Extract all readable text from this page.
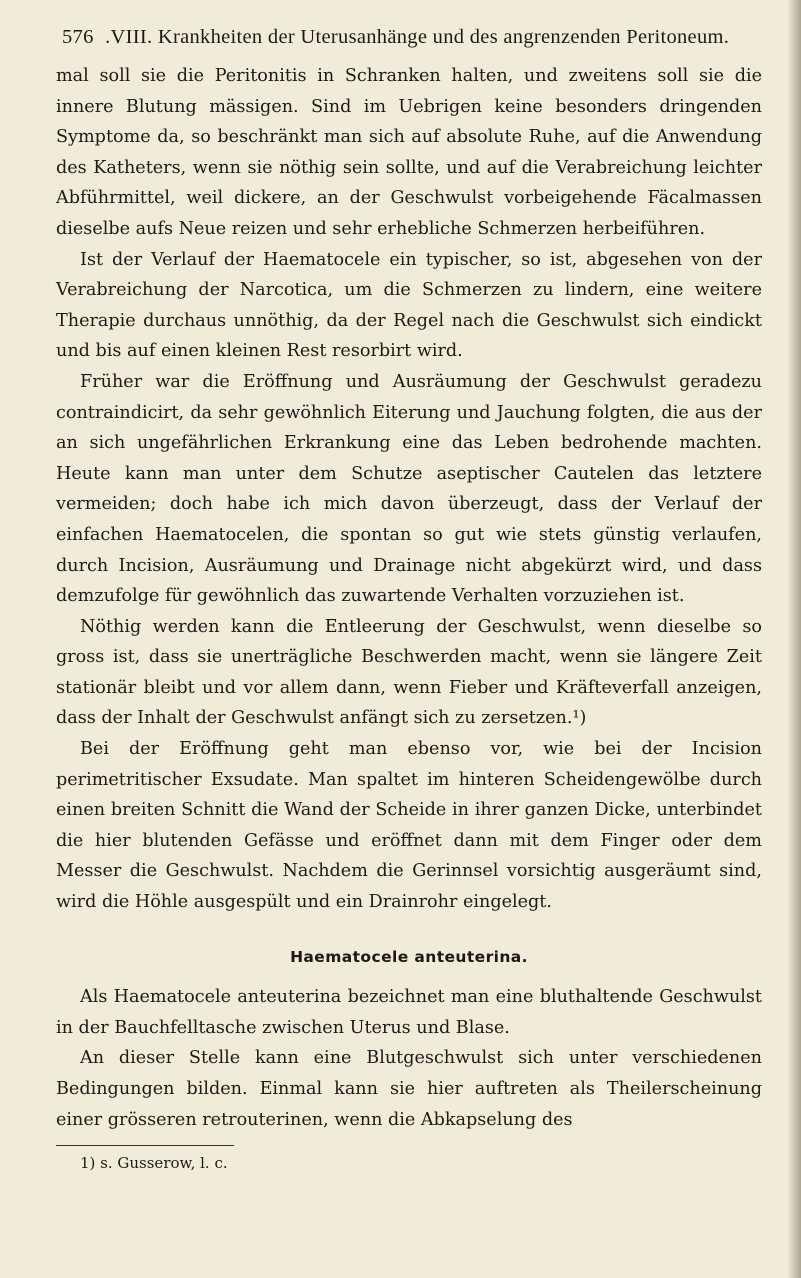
576 .VIII. Krankheiten der Uterusanhänge und des angrenzenden Peritoneum.

mal soll sie die Peritonitis in Schranken halten, und zweitens soll sie die innere Blutung mässigen. Sind im Uebrigen keine besonders dringenden Symptome da, so beschränkt man sich auf absolute Ruhe, auf die Anwendung des Katheters, wenn sie nöthig sein sollte, und auf die Verabreichung leichter Abführmittel, weil dickere, an der Geschwulst vorbeigehende Fäcalmassen dieselbe aufs Neue reizen und sehr erhebliche Schmerzen herbeiführen.

Ist der Verlauf der Haematocele ein typischer, so ist, abgesehen von der Verabreichung der Narcotica, um die Schmerzen zu lindern, eine weitere Therapie durchaus unnöthig, da der Regel nach die Geschwulst sich eindickt und bis auf einen kleinen Rest resorbirt wird.

Früher war die Eröffnung und Ausräumung der Geschwulst geradezu contraindicirt, da sehr gewöhnlich Eiterung und Jauchung folgten, die aus der an sich ungefährlichen Erkrankung eine das Leben bedrohende machten. Heute kann man unter dem Schutze aseptischer Cautelen das letztere vermeiden; doch habe ich mich davon überzeugt, dass der Verlauf der einfachen Haematocelen, die spontan so gut wie stets günstig verlaufen, durch Incision, Ausräumung und Drainage nicht abgekürzt wird, und dass demzufolge für gewöhnlich das zuwartende Verhalten vorzuziehen ist.

Nöthig werden kann die Entleerung der Geschwulst, wenn dieselbe so gross ist, dass sie unerträgliche Beschwerden macht, wenn sie längere Zeit stationär bleibt und vor allem dann, wenn Fieber und Kräfteverfall anzeigen, dass der Inhalt der Geschwulst anfängt sich zu zersetzen.¹)

Bei der Eröffnung geht man ebenso vor, wie bei der Incision perimetritischer Exsudate. Man spaltet im hinteren Scheidengewölbe durch einen breiten Schnitt die Wand der Scheide in ihrer ganzen Dicke, unterbindet die hier blutenden Gefässe und eröffnet dann mit dem Finger oder dem Messer die Geschwulst. Nachdem die Gerinnsel vorsichtig ausgeräumt sind, wird die Höhle ausgespült und ein Drainrohr eingelegt.

Haematocele anteuterina.

Als Haematocele anteuterina bezeichnet man eine bluthaltende Geschwulst in der Bauchfelltasche zwischen Uterus und Blase.

An dieser Stelle kann eine Blutgeschwulst sich unter verschiedenen Bedingungen bilden. Einmal kann sie hier auftreten als Theilerscheinung einer grösseren retrouterinen, wenn die Abkapselung des

1) s. Gusserow, l. c.
